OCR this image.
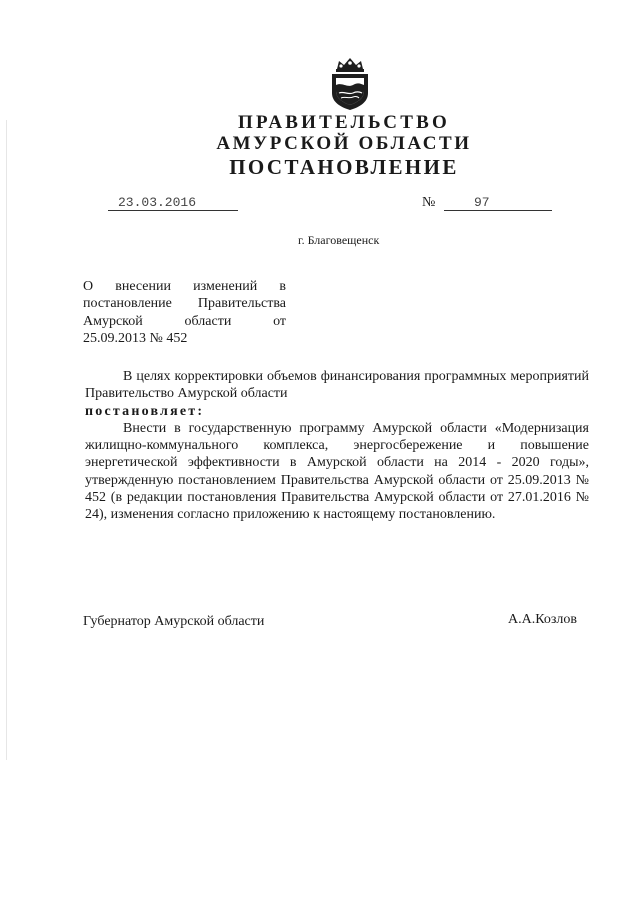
ПРАВИТЕЛЬСТВО
АМУРСКОЙ ОБЛАСТИ
ПОСТАНОВЛЕНИЕ
23.03.2016	№	97
г. Благовещенск
О внесении изменений в
постановление Правительства
Амурской области от
25.09.2013 № 452
В целях корректировки объемов финансирования программных мероприятий Правительство Амурской области
постановляет:
Внести в государственную программу Амурской области «Модернизация жилищно-коммунального комплекса, энергосбережение и повышение энергетической эффективности в Амурской области на 2014 - 2020 годы», утвержденную постановлением Правительства Амурской области от 25.09.2013 № 452 (в редакции постановления Правительства Амурской области от 27.01.2016 № 24), изменения согласно приложению к настоящему постановлению.
Губернатор Амурской области	А.А.Козлов
